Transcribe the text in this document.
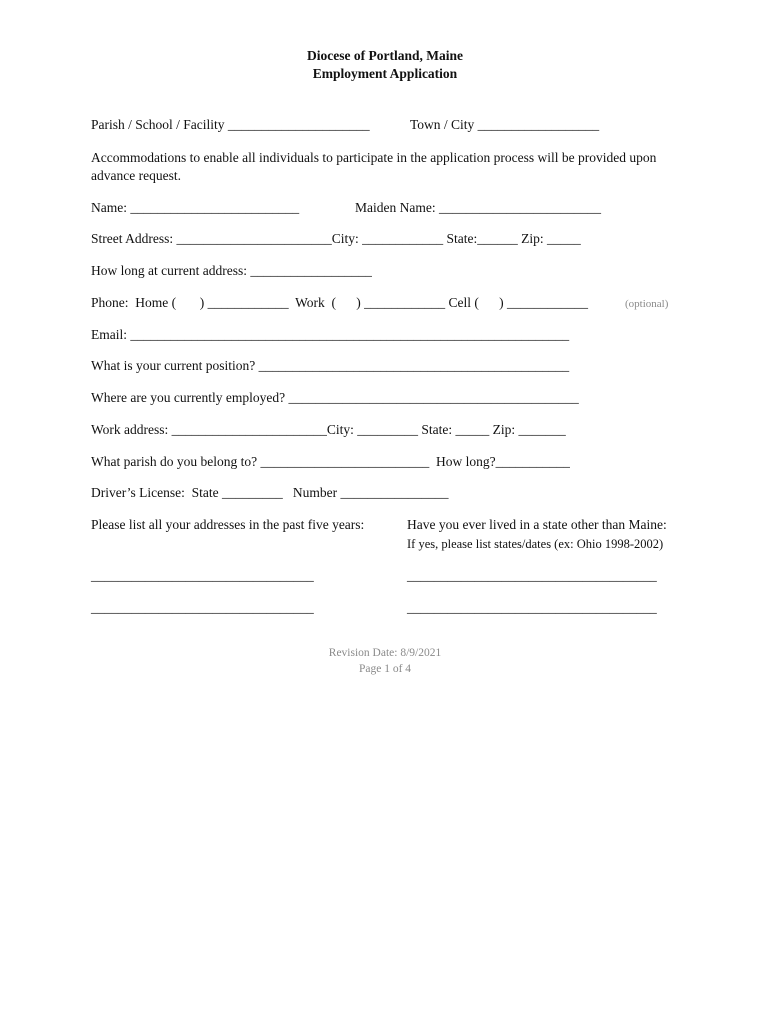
Diocese of Portland, Maine
Employment Application
Parish / School / Facility _____________________	Town / City __________________
Accommodations to enable all individuals to participate in the application process will be provided upon
advance request.
Name: _________________________	Maiden Name: ________________________
Street Address: _______________________City: ____________ State:______ Zip: _____
How long at current address: __________________
Phone:  Home (       ) ____________  Work  (      ) ____________ Cell (      ) ____________	(optional)
Email: _________________________________________________________________
What is your current position? ______________________________________________
Where are you currently employed? ___________________________________________
Work address: _______________________City: _________ State: _____ Zip: _______
What parish do you belong to? _________________________  How long?___________
Driver’s License:  State _________   Number ________________
Please list all your addresses in the past five years:	Have you ever lived in a state other than Maine:
If yes, please list states/dates (ex: Ohio 1998-2002)
_________________________________	_____________________________________
_________________________________	_____________________________________
Revision Date: 8/9/2021
Page 1 of 4
